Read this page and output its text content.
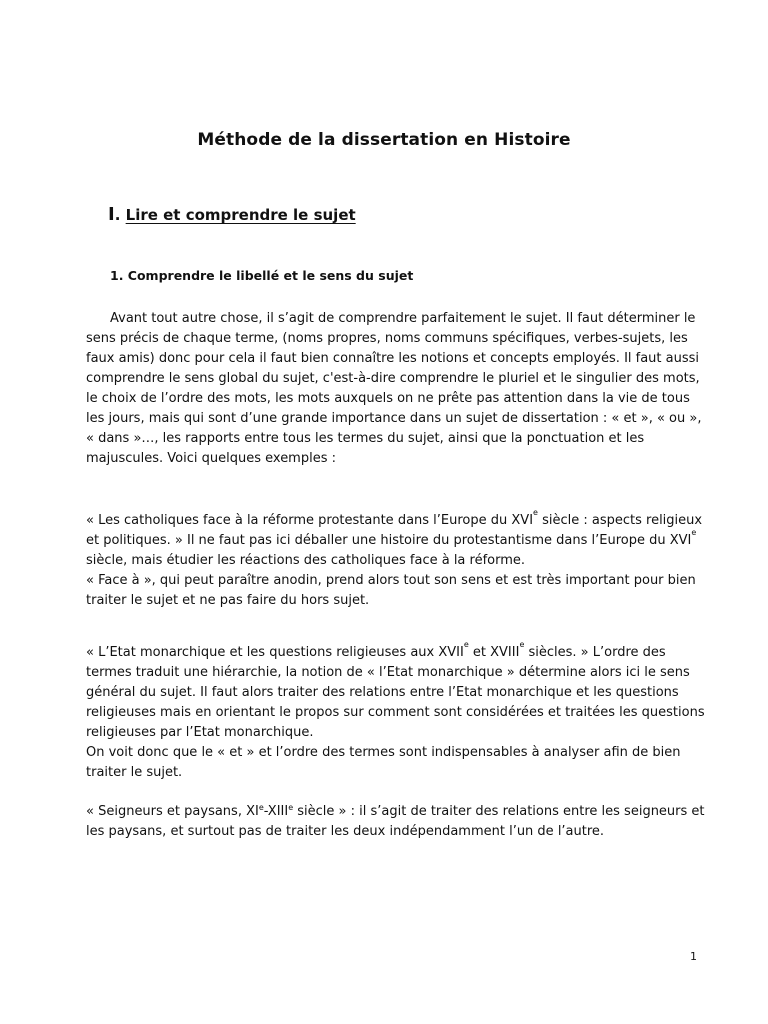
Méthode de la dissertation en Histoire
I. Lire et comprendre le sujet
1. Comprendre le libellé et le sens du sujet

Avant tout autre chose, il s’agit de comprendre parfaitement le sujet. Il faut déterminer le sens précis de chaque terme, (noms propres, noms communs spécifiques, verbes-sujets, les faux amis) donc pour cela il faut bien connaître les notions et concepts employés. Il faut aussi comprendre le sens global du sujet, c'est-à-dire comprendre le pluriel et le singulier des mots, le choix de l’ordre des mots, les mots auxquels on ne prête pas attention dans la vie de tous les jours, mais qui sont d’une grande importance dans un sujet de dissertation : « et », « ou », « dans »…, les rapports entre tous les termes du sujet, ainsi que la ponctuation et les majuscules. Voici quelques exemples :

« Les catholiques face à la réforme protestante dans l’Europe du XVIe siècle : aspects religieux et politiques. » Il ne faut pas ici déballer une histoire du protestantisme dans l’Europe du XVIe siècle, mais étudier les réactions des catholiques face à la réforme.
« Face à », qui peut paraître anodin, prend alors tout son sens et est très important pour bien traiter le sujet et ne pas faire du hors sujet.

« L’Etat monarchique et les questions religieuses aux XVIIe et XVIIIe siècles. » L’ordre des termes traduit une hiérarchie, la notion de « l’Etat monarchique » détermine alors ici le sens général du sujet. Il faut alors traiter des relations entre l’Etat monarchique et les questions religieuses mais en orientant le propos sur comment sont considérées et traitées les questions religieuses par l’Etat monarchique.
On voit donc que le « et » et l’ordre des termes sont indispensables à analyser afin de bien traiter le sujet.

« Seigneurs et paysans, XIe-XIIIe siècle » : il s’agit de traiter des relations entre les seigneurs et les paysans, et surtout pas de traiter les deux indépendamment l’un de l’autre.

1
